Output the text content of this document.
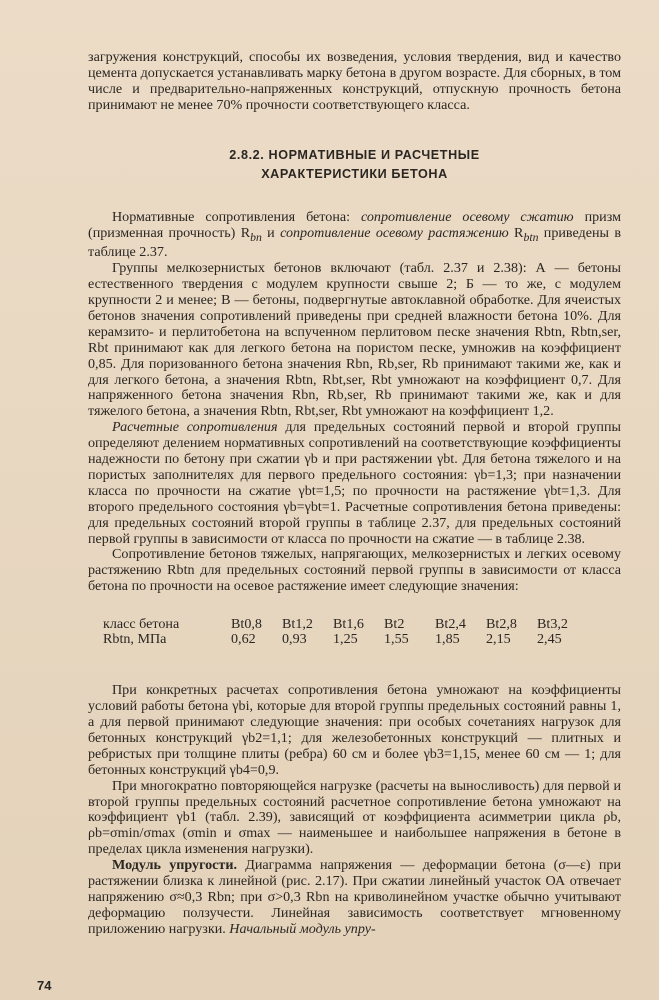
загружения конструкций, способы их возведения, условия твердения, вид и качество цемента допускается устанавливать марку бетона в другом возрасте. Для сборных, в том числе и предварительно-напряженных конструкций, отпускную прочность бетона принимают не менее 70% прочности соответствующего класса.

2.8.2. НОРМАТИВНЫЕ И РАСЧЕТНЫЕ
ХАРАКТЕРИСТИКИ БЕТОНА

Нормативные сопротивления бетона: сопротивление осевому сжатию призм (призменная прочность) $R_{bn}$ и сопротивление осевому растяжению $R_{btn}$ приведены в таблице 2.37.

Группы мелкозернистых бетонов включают (табл. 2.37 и 2.38): А — бетоны естественного твердения с модулем крупности свыше 2; Б — то же, с модулем крупности 2 и менее; В — бетоны, подвергнутые автоклавной обработке. Для ячеистых бетонов значения сопротивлений приведены при средней влажности бетона 10%. Для керамзито- и перлитобетона на вспученном перлитовом песке значения Rbtn, Rbtn,ser, Rbt принимают как для легкого бетона на пористом песке, умножив на коэффициент 0,85. Для поризованного бетона значения Rbn, Rb,ser, Rb принимают такими же, как и для легкого бетона, а значения Rbtn, Rbt,ser, Rbt умножают на коэффициент 0,7. Для напряженного бетона значения Rbn, Rb,ser, Rb принимают такими же, как и для тяжелого бетона, а значения Rbtn, Rbt,ser, Rbt умножают на коэффициент 1,2.

Расчетные сопротивления для предельных состояний первой и второй группы определяют делением нормативных сопротивлений на соответствующие коэффициенты надежности по бетону при сжатии γb и при растяжении γbt. Для бетона тяжелого и на пористых заполнителях для первого предельного состояния: γb=1,3; при назначении класса по прочности на сжатие γbt=1,5; по прочности на растяжение γbt=1,3. Для второго предельного состояния γb=γbt=1. Расчетные сопротивления бетона приведены: для предельных состояний второй группы в таблице 2.37, для предельных состояний первой группы в зависимости от класса по прочности на сжатие — в таблице 2.38.

Сопротивление бетонов тяжелых, напрягающих, мелкозернистых и легких осевому растяжению Rbtn для предельных состояний первой группы в зависимости от класса бетона по прочности на осевое растяжение имеет следующие значения:

класс бетона	Bt0,8	Bt1,2	Bt1,6	Bt2	Bt2,4	Bt2,8	Bt3,2
Rbtn, МПа	0,62	0,93	1,25	1,55	1,85	2,15	2,45

При конкретных расчетах сопротивления бетона умножают на коэффициенты условий работы бетона γbi, которые для второй группы предельных состояний равны 1, а для первой принимают следующие значения: при особых сочетаниях нагрузок для бетонных конструкций γb2=1,1; для железобетонных конструкций — плитных и ребристых при толщине плиты (ребра) 60 см и более γb3=1,15, менее 60 см — 1; для бетонных конструкций γb4=0,9.

При многократно повторяющейся нагрузке (расчеты на выносливость) для первой и второй группы предельных состояний расчетное сопротивление бетона умножают на коэффициент γb1 (табл. 2.39), зависящий от коэффициента асимметрии цикла ρb, ρb=σmin/σmax (σmin и σmax — наименьшее и наибольшее напряжения в бетоне в пределах цикла изменения нагрузки).

Модуль упругости. Диаграмма напряжения — деформации бетона (σ—ε) при растяжении близка к линейной (рис. 2.17). При сжатии линейный участок ОА отвечает напряжению σ≈0,3 Rbn; при σ>0,3 Rbn на криволинейном участке обычно учитывают деформацию ползучести. Линейная зависимость соответствует мгновенному приложению нагрузки. Начальный модуль упру-

74
